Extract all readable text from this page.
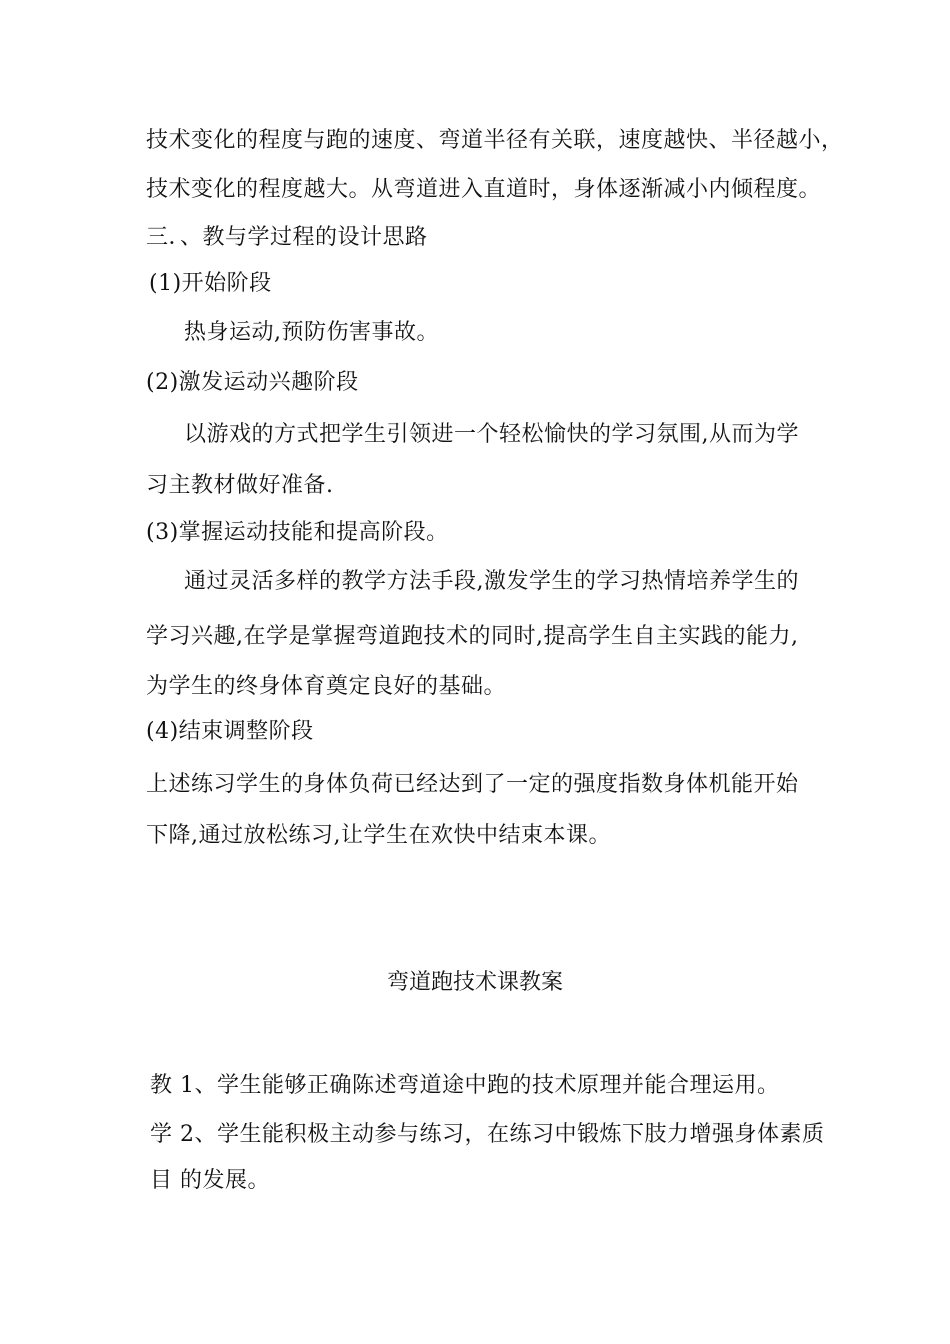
技术变化的程度与跑的速度、弯道半径有关联，速度越快、半径越小，
技术变化的程度越大。从弯道进入直道时，身体逐渐减小内倾程度。
三．、教与学过程的设计思路
(1)开始阶段
热身运动,预防伤害事故。
(2)激发运动兴趣阶段
以游戏的方式把学生引领进一个轻松愉快的学习氛围,从而为学
习主教材做好准备.
(3)掌握运动技能和提高阶段。
通过灵活多样的教学方法手段,激发学生的学习热情培养学生的
学习兴趣,在学是掌握弯道跑技术的同时,提高学生自主实践的能力,
为学生的终身体育奠定良好的基础。
(4)结束调整阶段
上述练习学生的身体负荷已经达到了一定的强度指数身体机能开始
下降,通过放松练习,让学生在欢快中结束本课。
弯道跑技术课教案
教 1、学生能够正确陈述弯道途中跑的技术原理并能合理运用。
学 2、学生能积极主动参与练习，在练习中锻炼下肢力增强身体素质
目 的发展。
